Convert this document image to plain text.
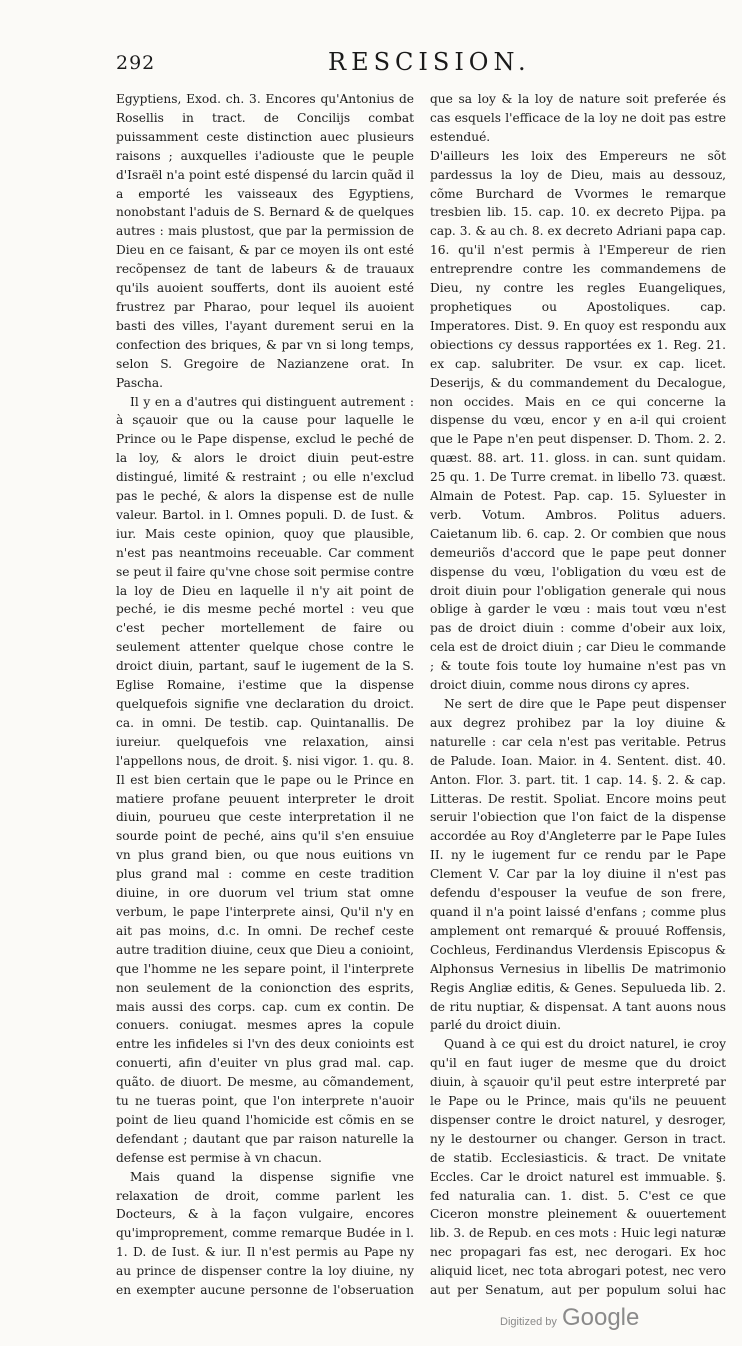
292	RESCISION.

Egyptiens, Exod. ch. 3. Encores qu'Antonius de Rosellis in tract. de Concilijs combat puissamment ceste distinction auec plusieurs raisons ; auxquelles i'adiouste que le peuple d'Israël n'a point esté dispensé du larcin quãd il a emporté les vaisseaux des Egyptiens, nonobstant l'aduis de S. Bernard & de quelques autres : mais plustost, que par la permission de Dieu en ce faisant, & par ce moyen ils ont esté recõpensez de tant de labeurs & de trauaux qu'ils auoient soufferts, dont ils auoient esté frustrez par Pharao, pour lequel ils auoient basti des villes, l'ayant durement serui en la confection des briques, & par vn si long temps, selon S. Gregoire de Nazianzene orat. In Pascha.

Il y en a d'autres qui distinguent autrement : à sçauoir que ou la cause pour laquelle le Prince ou le Pape dispense, exclud le peché de la loy, & alors le droict diuin peut-estre distingué, limité & restraint ; ou elle n'exclud pas le peché, & alors la dispense est de nulle valeur. Bartol. in l. Omnes populi. D. de Iust. & iur. Mais ceste opinion, quoy que plausible, n'est pas neantmoins receuable. Car comment se peut il faire qu'vne chose soit permise contre la loy de Dieu en laquelle il n'y ait point de peché, ie dis mesme peché mortel : veu que c'est pecher mortellement de faire ou seulement attenter quelque chose contre le droict diuin, partant, sauf le iugement de la S. Eglise Romaine, i'estime que la dispense quelquefois signifie vne declaration du droict. ca. in omni. De testib. cap. Quintanallis. De iureiur. quelquefois vne relaxation, ainsi l'appellons nous, de droit. §. nisi vigor. 1. qu. 8. Il est bien certain que le pape ou le Prince en matiere profane peuuent interpreter le droit diuin, pourueu que ceste interpretation il ne sourde point de peché, ains qu'il s'en ensuiue vn plus grand bien, ou que nous euitions vn plus grand mal : comme en ceste tradition diuine, in ore duorum vel trium stat omne verbum, le pape l'interprete ainsi, Qu'il n'y en ait pas moins, d.c. In omni. De rechef ceste autre tradition diuine, ceux que Dieu a conioint, que l'homme ne les separe point, il l'interprete non seulement de la conionction des esprits, mais aussi des corps. cap. cum ex contin. De conuers. coniugat. mesmes apres la copule entre les infideles si l'vn des deux conioints est conuerti, afin d'euiter vn plus grad mal. cap. quãto. de diuort. De mesme, au cõmandement, tu ne tueras point, que l'on interprete n'auoir point de lieu quand l'homicide est cõmis en se defendant ; dautant que par raison naturelle la defense est permise à vn chacun.

Mais quand la dispense signifie vne relaxation de droit, comme parlent les Docteurs, & à la façon vulgaire, encores qu'improprement, comme remarque Budée in l. 1. D. de Iust. & iur. Il n'est permis au Pape ny au prince de dispenser contre la loy diuine, ny en exempter aucune personne de l'obseruation

que sa loy & la loy de nature soit preferée és cas esquels l'efficace de la loy ne doit pas estre estendué.

D'ailleurs les loix des Empereurs ne sõt pardessus la loy de Dieu, mais au dessouz, cõme Burchard de Vvormes le remarque tresbien lib. 15. cap. 10. ex decreto Pijpa. pa cap. 3. & au ch. 8. ex decreto Adriani papa cap. 16. qu'il n'est permis à l'Empereur de rien entreprendre contre les commandemens de Dieu, ny contre les regles Euangeliques, prophetiques ou Apostoliques. cap. Imperatores. Dist. 9. En quoy est respondu aux obiections cy dessus rapportées ex 1. Reg. 21. ex cap. salubriter. De vsur. ex cap. licet. Deserijs, & du commandement du Decalogue, non occides. Mais en ce qui concerne la dispense du vœu, encor y en a-il qui croient que le Pape n'en peut dispenser. D. Thom. 2. 2. quæst. 88. art. 11. gloss. in can. sunt quidam. 25 qu. 1. De Turre cremat. in libello 73. quæst. Almain de Potest. Pap. cap. 15. Syluester in verb. Votum. Ambros. Politus aduers. Caietanum lib. 6. cap. 2. Or combien que nous demeuriõs d'accord que le pape peut donner dispense du vœu, l'obligation du vœu est de droit diuin pour l'obligation generale qui nous oblige à garder le vœu : mais tout vœu n'est pas de droict diuin : comme d'obeir aux loix, cela est de droict diuin ; car Dieu le commande ; & toute fois toute loy humaine n'est pas vn droict diuin, comme nous dirons cy apres.

Ne sert de dire que le Pape peut dispenser aux degrez prohibez par la loy diuine & naturelle : car cela n'est pas veritable. Petrus de Palude. Ioan. Maior. in 4. Sentent. dist. 40. Anton. Flor. 3. part. tit. 1 cap. 14. §. 2. & cap. Litteras. De restit. Spoliat. Encore moins peut seruir l'obiection que l'on faict de la dispense accordée au Roy d'Angleterre par le Pape Iules II. ny le iugement fur ce rendu par le Pape Clement V. Car par la loy diuine il n'est pas defendu d'espouser la veufue de son frere, quand il n'a point laissé d'enfans ; comme plus amplement ont remarqué & prouué Roffensis, Cochleus, Ferdinandus Vlerdensis Episcopus & Alphonsus Vernesius in libellis De matrimonio Regis Angliæ editis, & Genes. Sepulueda lib. 2. de ritu nuptiar, & dispensat. A tant auons nous parlé du droict diuin.

Quand à ce qui est du droict naturel, ie croy qu'il en faut iuger de mesme que du droict diuin, à sçauoir qu'il peut estre interpreté par le Pape ou le Prince, mais qu'ils ne peuuent dispenser contre le droict naturel, y desroger, ny le destourner ou changer. Gerson in tract. de statib. Ecclesiasticis. & tract. De vnitate Eccles. Car le droict naturel est immuable. §. fed naturalia can. 1. dist. 5. C'est ce que Ciceron monstre pleinement & ouuertement lib. 3. de Repub. en ces mots : Huic legi naturæ nec propagari fas est, nec derogari. Ex hoc aliquid licet, nec tota abrogari potest, nec vero aut per Senatum, aut per populum solui hac

Digitized by Google
